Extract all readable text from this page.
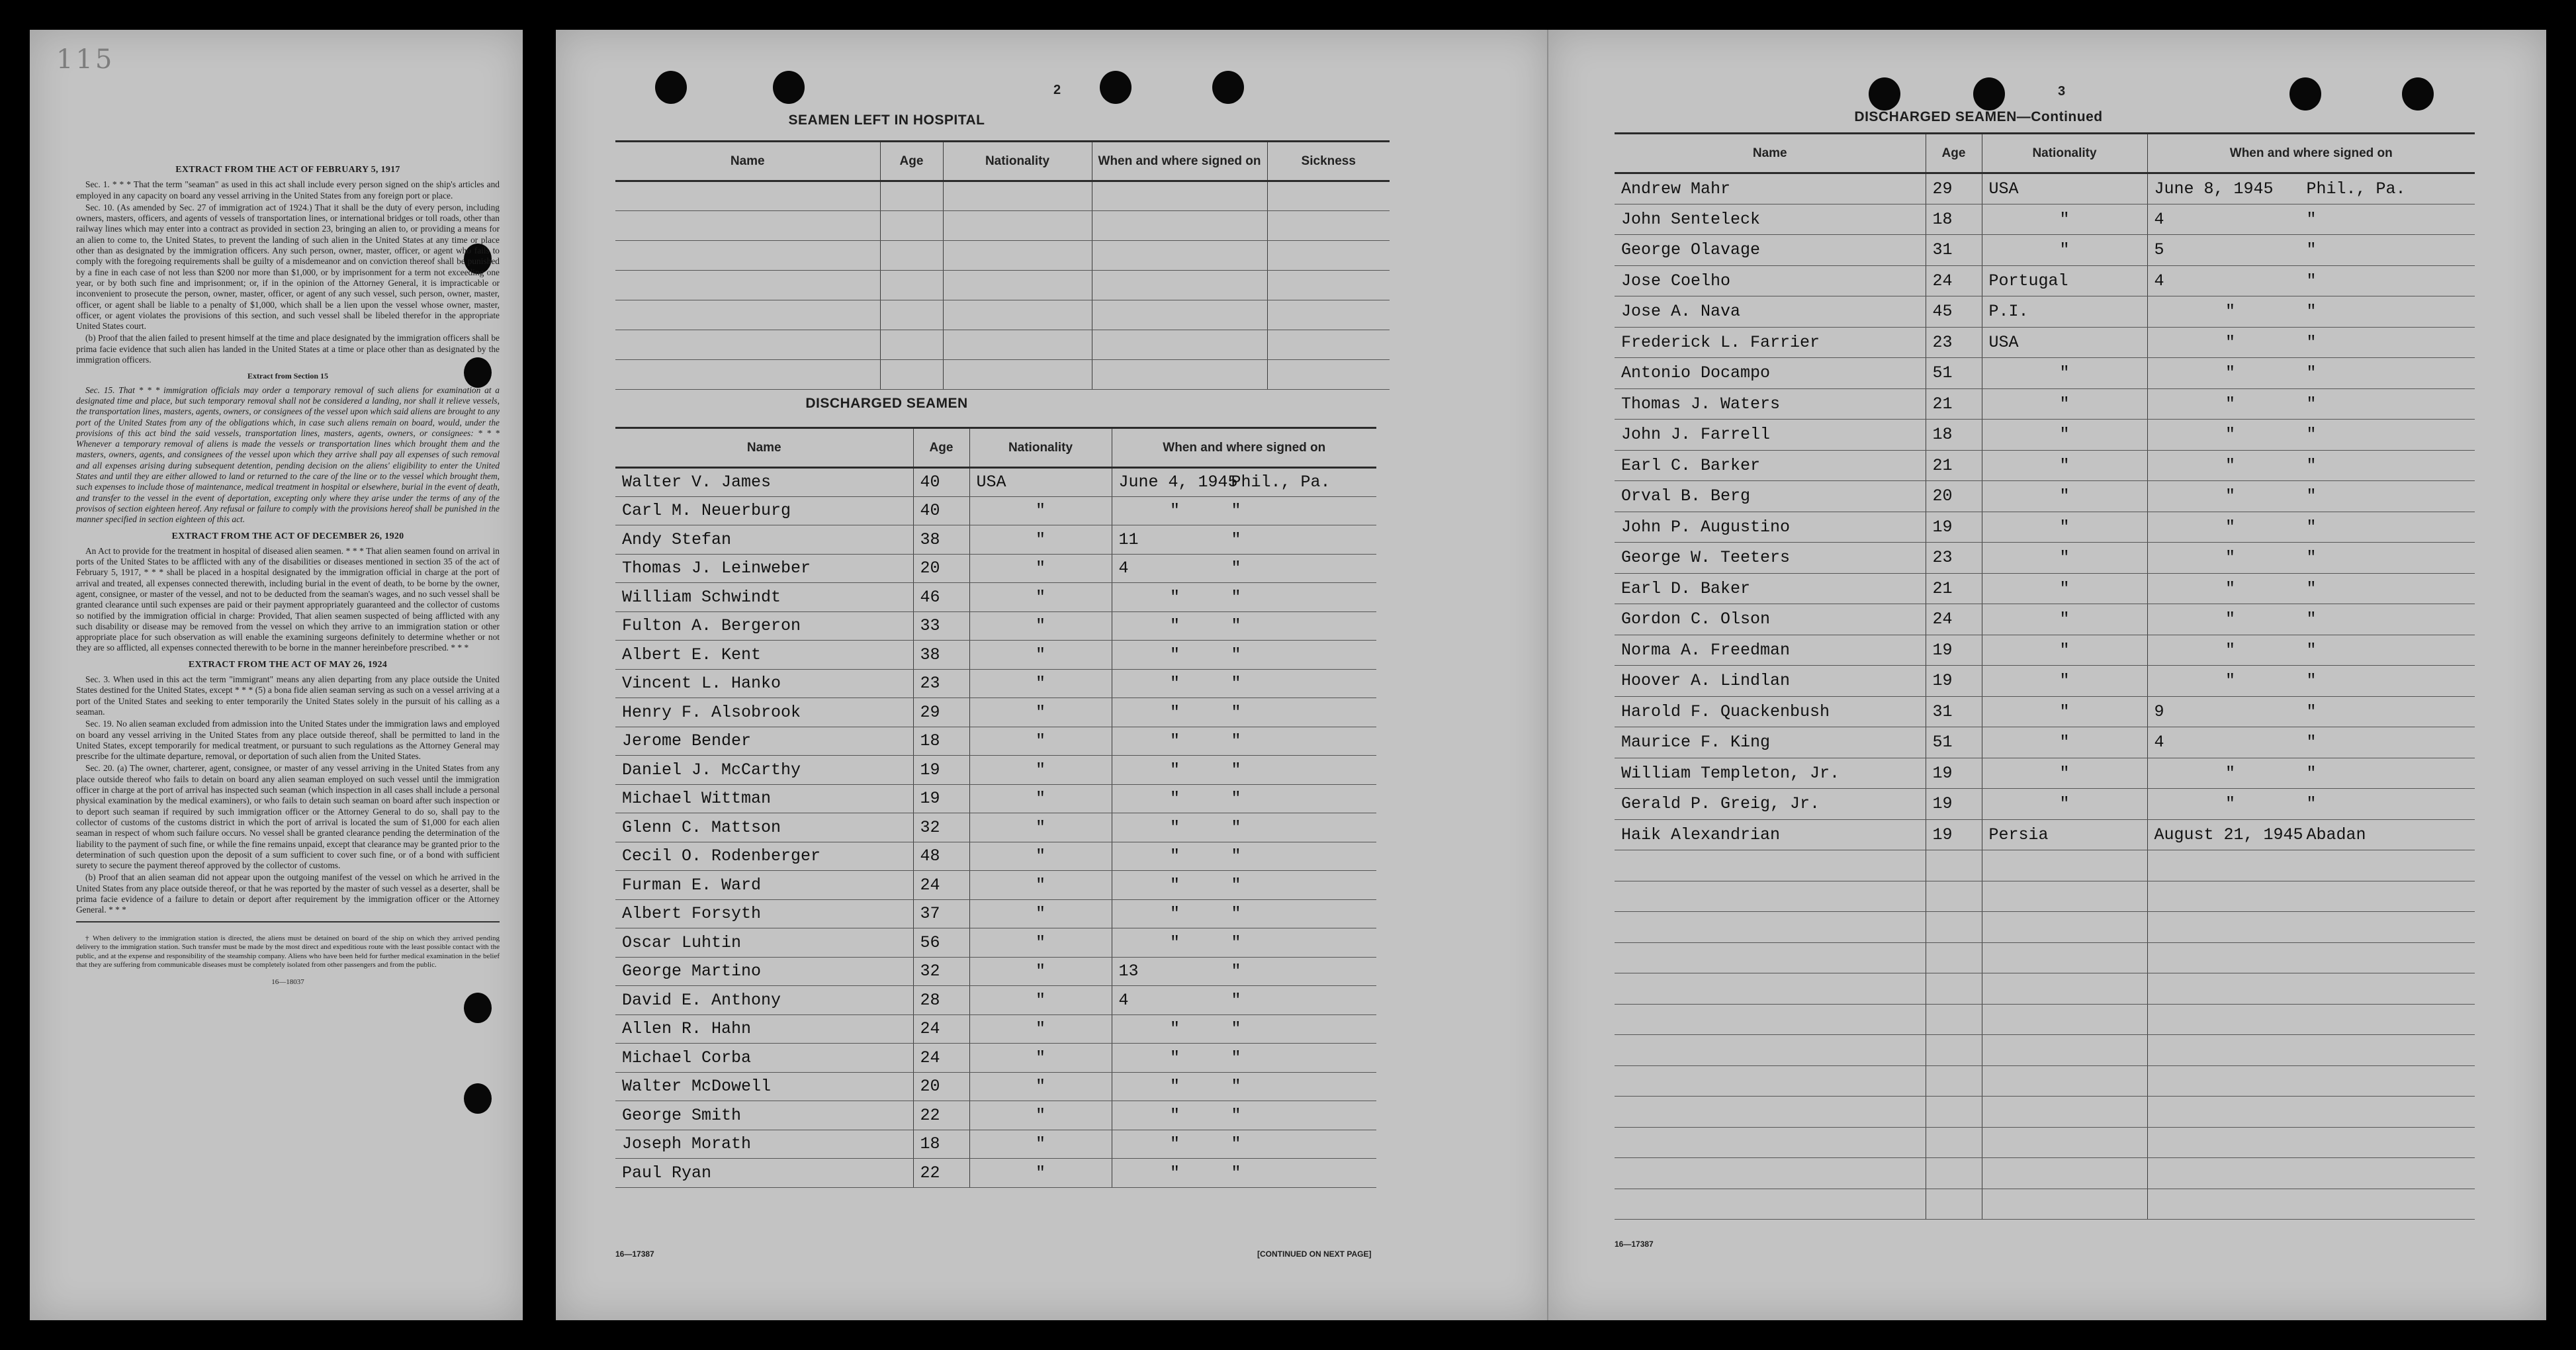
115
EXTRACT FROM THE ACT OF FEBRUARY 5, 1917

Sec. 1. * * * That the term "seaman" as used in this act shall include every person signed on the ship's articles and employed in any capacity on board any vessel arriving in the United States from any foreign port or place.

Sec. 10. (As amended by Sec. 27 of immigration act of 1924.) That it shall be the duty of every person, including owners, masters, officers, and agents of vessels of transportation lines, or international bridges or toll roads, other than railway lines which may enter into a contract as provided in section 23, bringing an alien to, or providing a means for an alien to come to, the United States, to prevent the landing of such alien in the United States at any time or place other than as designated by the immigration officers. Any such person, owner, master, officer, or agent who fails to comply with the foregoing requirements shall be guilty of a misdemeanor and on conviction thereof shall be punished by a fine in each case of not less than $200 nor more than $1,000, or by imprisonment for a term not exceeding one year, or by both such fine and imprisonment; or, if in the opinion of the Attorney General, it is impracticable or inconvenient to prosecute the person, owner, master, officer, or agent of any such vessel, such person, owner, master, officer, or agent shall be liable to a penalty of $1,000, which shall be a lien upon the vessel whose owner, master, officer, or agent violates the provisions of this section, and such vessel shall be libeled therefor in the appropriate United States court.

(b) Proof that the alien failed to present himself at the time and place designated by the immigration officers shall be prima facie evidence that such alien has landed in the United States at a time or place other than as designated by the immigration officers.

Extract from Section 15

Sec. 15. That * * * immigration officials may order a temporary removal of such aliens for examination at a designated time and place, but such temporary removal shall not be considered a landing, nor shall it relieve vessels, the transportation lines, masters, agents, owners, or consignees of the vessel upon which said aliens are brought to any port of the United States from any of the obligations which, in case such aliens remain on board, would, under the provisions of this act bind the said vessels, transportation lines, masters, agents, owners, or consignees: * * * Whenever a temporary removal of aliens is made the vessels or transportation lines which brought them and the masters, owners, agents, and consignees of the vessel upon which they arrive shall pay all expenses of such removal and all expenses arising during subsequent detention, pending decision on the aliens' eligibility to enter the United States and until they are either allowed to land or returned to the care of the line or to the vessel which brought them, such expenses to include those of maintenance, medical treatment in hospital or elsewhere, burial in the event of death, and transfer to the vessel in the event of deportation, excepting only where they arise under the terms of any of the provisos of section eighteen hereof. Any refusal or failure to comply with the provisions hereof shall be punished in the manner specified in section eighteen of this act.

EXTRACT FROM THE ACT OF DECEMBER 26, 1920

An Act to provide for the treatment in hospital of diseased alien seamen. * * * That alien seamen found on arrival in ports of the United States to be afflicted with any of the disabilities or diseases mentioned in section 35 of the act of February 5, 1917, * * * shall be placed in a hospital designated by the immigration official in charge at the port of arrival and treated, all expenses connected therewith, including burial in the event of death, to be borne by the owner, agent, consignee, or master of the vessel, and not to be deducted from the seaman's wages, and no such vessel shall be granted clearance until such expenses are paid or their payment appropriately guaranteed and the collector of customs so notified by the immigration official in charge: Provided, That alien seamen suspected of being afflicted with any such disability or disease may be removed from the vessel on which they arrive to an immigration station or other appropriate place for such observation as will enable the examining surgeons definitely to determine whether or not they are so afflicted, all expenses connected therewith to be borne in the manner hereinbefore prescribed. * * *

EXTRACT FROM THE ACT OF MAY 26, 1924

Sec. 3. When used in this act the term "immigrant" means any alien departing from any place outside the United States destined for the United States, except * * * (5) a bona fide alien seaman serving as such on a vessel arriving at a port of the United States and seeking to enter temporarily the United States solely in the pursuit of his calling as a seaman.

Sec. 19. No alien seaman excluded from admission into the United States under the immigration laws and employed on board any vessel arriving in the United States from any place outside thereof, shall be permitted to land in the United States, except temporarily for medical treatment, or pursuant to such regulations as the Attorney General may prescribe for the ultimate departure, removal, or deportation of such alien from the United States.

Sec. 20. (a) The owner, charterer, agent, consignee, or master of any vessel arriving in the United States from any place outside thereof who fails to detain on board any alien seaman employed on such vessel until the immigration officer in charge at the port of arrival has inspected such seaman (which inspection in all cases shall include a personal physical examination by the medical examiners), or who fails to detain such seaman on board after such inspection or to deport such seaman if required by such immigration officer or the Attorney General to do so, shall pay to the collector of customs of the customs district in which the port of arrival is located the sum of $1,000 for each alien seaman in respect of whom such failure occurs. No vessel shall be granted clearance pending the determination of the liability to the payment of such fine, or while the fine remains unpaid, except that clearance may be granted prior to the determination of such question upon the deposit of a sum sufficient to cover such fine, or of a bond with sufficient surety to secure the payment thereof approved by the collector of customs.

(b) Proof that an alien seaman did not appear upon the outgoing manifest of the vessel on which he arrived in the United States from any place outside thereof, or that he was reported by the master of such vessel as a deserter, shall be prima facie evidence of a failure to detain or deport after requirement by the immigration officer or the Attorney General. * * *

† When delivery to the immigration station is directed, the aliens must be detained on board of the ship on which they arrived pending delivery to the immigration station. Such transfer must be made by the most direct and expeditious route with the least possible contact with the public, and at the expense and responsibility of the steamship company. Aliens who have been held for further medical examination in the belief that they are suffering from communicable diseases must be completely isolated from other passengers and from the public.

16—18037
2
SEAMEN LEFT IN HOSPITAL
Name	Age	Nationality	When and where signed on	Sickness

DISCHARGED SEAMEN
Name	Age	Nationality	When and where signed on
Walter V. James	40	USA	June 4, 1945Phil., Pa.
Carl M. Neuerburg	40	"	" "
Andy Stefan	38	"	11 "
Thomas J. Leinweber	20	"	4 "
William Schwindt	46	"	" "
Fulton A. Bergeron	33	"	" "
Albert E. Kent	38	"	" "
Vincent L. Hanko	23	"	" "
Henry F. Alsobrook	29	"	" "
Jerome Bender	18	"	" "
Daniel J. McCarthy	19	"	" "
Michael Wittman	19	"	" "
Glenn C. Mattson	32	"	" "
Cecil O. Rodenberger	48	"	" "
Furman E. Ward	24	"	" "
Albert Forsyth	37	"	" "
Oscar Luhtin	56	"	" "
George Martino	32	"	13 "
David E. Anthony	28	"	4 "
Allen R. Hahn	24	"	" "
Michael Corba	24	"	" "
Walter McDowell	20	"	" "
George Smith	22	"	" "
Joseph Morath	18	"	" "
Paul Ryan	22	"	" "
16—17387	[CONTINUED ON NEXT PAGE]
3
DISCHARGED SEAMEN—Continued
Name	Age	Nationality	When and where signed on
Andrew Mahr	29	USA	June 8, 1945 Phil., Pa.
John Senteleck	18	"	4 "
George Olavage	31	"	5 "
Jose Coelho	24	Portugal	4 "
Jose A. Nava	45	P.I.	" "
Frederick L. Farrier	23	USA	" "
Antonio Docampo	51	"	" "
Thomas J. Waters	21	"	" "
John J. Farrell	18	"	" "
Earl C. Barker	21	"	" "
Orval B. Berg	20	"	" "
John P. Augustino	19	"	" "
George W. Teeters	23	"	" "
Earl D. Baker	21	"	" "
Gordon C. Olson	24	"	" "
Norma A. Freedman	19	"	" "
Hoover A. Lindlan	19	"	" "
Harold F. Quackenbush	31	"	9 "
Maurice F. King	51	"	4 "
William Templeton, Jr.	19	"	" "
Gerald P. Greig, Jr.	19	"	" "
Haik Alexandrian	19	Persia	August 21, 1945 Abadan

16—17387
